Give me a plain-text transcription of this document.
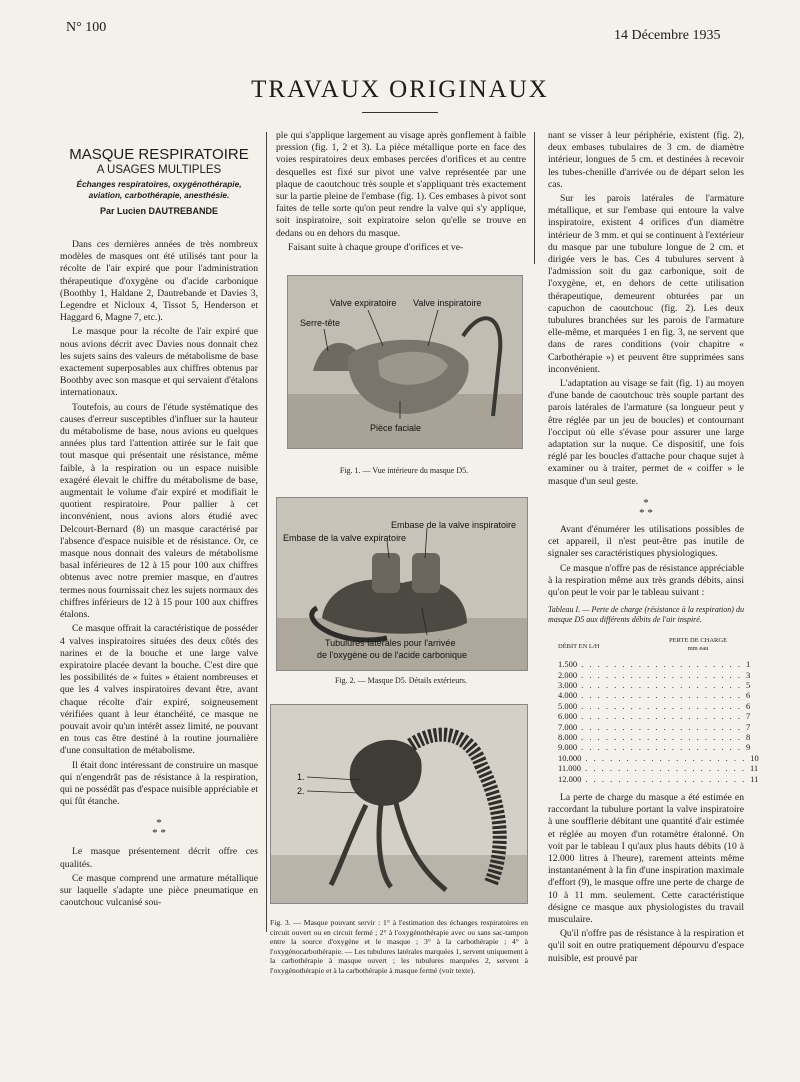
N° 100
14 Décembre 1935
TRAVAUX ORIGINAUX
MASQUE RESPIRATOIRE
A USAGES MULTIPLES
Échanges respiratoires, oxygénothérapie, aviation, carbothérapie, anesthésie.
Par Lucien DAUTREBANDE

Dans ces dernières années de très nombreux modèles de masques ont été utilisés tant pour la récolte de l'air expiré que pour l'administration thérapeutique d'oxygène ou d'acide carbonique (Boothby 1, Haldane 2, Dautrebande et Davies 3, Legendre et Nicloux 4, Tissot 5, Henderson et Haggard 6, Magne 7, etc.).

Le masque pour la récolte de l'air expiré que nous avions décrit avec Davies nous donnait chez les sujets sains des valeurs de métabolisme de base exactement superposables aux chiffres obtenus par Boothby avec son masque et qui servaient d'étalons internationaux.

Toutefois, au cours de l'étude systématique des causes d'erreur susceptibles d'influer sur la hauteur du métabolisme de base, nous avions eu quelques années plus tard l'attention attirée sur le fait que tout masque qui présentait une résistance, même faible, à la respiration ou un espace nuisible exagéré élevait le chiffre du métabolisme de base, augmentait le volume d'air expiré et modifiait le quotient respiratoire. Pour pallier à cet inconvénient, nous avions alors étudié avec Delcourt-Bernard (8) un masque caractérisé par l'absence d'espace nuisible et de résistance. Or, ce masque nous donnait des valeurs de métabolisme basal inférieures de 12 à 15 pour 100 aux chiffres obtenus avec notre premier masque, en d'autres termes nous fournissait chez les sujets normaux des chiffres inférieurs de 12 à 15 pour 100 aux chiffres étalons.

Ce masque offrait la caractéristique de posséder 4 valves inspiratoires situées des deux côtés des narines et de la bouche et une large valve expiratoire placée devant la bouche. C'est dire que les possibilités de « fuites » étaient nombreuses et que les 4 valves inspiratoires devant être, avant chaque récolte d'air expiré, soigneusement vérifiées quant à leur étanchéité, ce masque ne pouvait avoir qu'un intérêt assez limité, ne pouvant en tous cas être destiné à la routine journalière d'une consultation de métabolisme.

Il était donc intéressant de construire un masque qui n'engendrât pas de résistance à la respiration, qui ne possédât pas d'espace nuisible appréciable et qui fût étanche.

*
* *

Le masque présentement décrit offre ces qualités.

Ce masque comprend une armature métallique sur laquelle s'adapte une pièce pneumatique en caoutchouc vulcanisé sou-

ple qui s'applique largement au visage après gonflement à faible pression (fig. 1, 2 et 3). La pièce métallique porte en face des voies respiratoires deux embases percées d'orifices et au centre desquelles est fixé sur pivot une valve représentée par une plaque de caoutchouc très souple et s'appliquant très exactement sur la partie pleine de l'embase (fig. 1). Ces embases à pivot sont faites de telle sorte qu'on peut rendre la valve qui s'y applique, soit inspiratoire, soit expiratoire selon qu'elle se trouve en dedans ou en dehors du masque.

Faisant suite à chaque groupe d'orifices et ve-

Valve expiratoire Valve inspiratoire
Serre-tête
Pièce faciale
Fig. 1. — Vue intérieure du masque D5.
Embase de la valve inspiratoire
Embase de la valve expiratoire
Tubulures latérales pour l'arrivée
de l'oxygène ou de l'acide carbonique
Fig. 2. — Masque D5. Détails extérieurs.
1.
2.
Fig. 3. — Masque pouvant servir : 1° à l'estimation des échanges respiratoires en circuit ouvert ou en circuit fermé ; 2° à l'oxygénothérapie avec ou sans sac-tampon entre la source d'oxygène et le masque ; 3° à la carbothérapie ; 4° à l'oxygénocarbothérapie. — Les tubulures latérales marquées 1, servent uniquement à la carbothérapie à masque ouvert ; les tubulures marquées 2, servent à l'oxygénothérapie et à la carbothérapie à masque fermé (voir texte).

nant se visser à leur périphérie, existent (fig. 2), deux embases tubulaires de 3 cm. de diamètre intérieur, longues de 5 cm. et destinées à recevoir les tubes-chenille d'arrivée ou de départ selon les cas.

Sur les parois latérales de l'armature métallique, et sur l'embase qui entoure la valve inspiratoire, existent 4 orifices d'un diamètre intérieur de 3 mm. et qui se continuent à l'extérieur du masque par une tubulure longue de 2 cm. et dirigée vers le bas. Ces 4 tubulures servent à l'admission soit du gaz carbonique, soit de l'oxygène, et, en dehors de cette utilisation thérapeutique, demeurent obturées par un capuchon de caoutchouc (fig. 2). Les deux tubulures branchées sur les parois de l'armature elle-même, et marquées 1 en fig. 3, ne servent que dans de rares conditions (voir chapitre « Carbothérapie ») et peuvent être supprimées sans inconvénient.

L'adaptation au visage se fait (fig. 1) au moyen d'une bande de caoutchouc très souple partant des parois latérales de l'armature (sa longueur peut y être réglée par un jeu de boucles) et contournant l'occiput où elle s'évase pour assurer une large adaptation sur la nuque. Ce dispositif, une fois réglé par les boucles d'attache pour chaque sujet à examiner ou à traiter, permet de « coiffer » le masque d'un seul geste.

*
* *

Avant d'énumérer les utilisations possibles de cet appareil, il n'est peut-être pas inutile de signaler ses caractéristiques physiologiques.

Ce masque n'offre pas de résistance appréciable à la respiration même aux très grands débits, ainsi qu'on peut le voir par le tableau suivant :

Tableau I. — Perte de charge (résistance à la respiration) du masque D5 aux différents débits de l'air inspiré.
DÉBIT EN L/H	PERTE DE CHARGE
mm eau
1.500 . . . . . . . . . . . . . . . . . . . . 1
2.000 . . . . . . . . . . . . . . . . . . . . 3
3.000 . . . . . . . . . . . . . . . . . . . . 5
4.000 . . . . . . . . . . . . . . . . . . . . 6
5.000 . . . . . . . . . . . . . . . . . . . . 6
6.000 . . . . . . . . . . . . . . . . . . . . 7
7.000 . . . . . . . . . . . . . . . . . . . . 7
8.000 . . . . . . . . . . . . . . . . . . . . 8
9.000 . . . . . . . . . . . . . . . . . . . . 9
10.000 . . . . . . . . . . . . . . . . . . . . 10
11.000 . . . . . . . . . . . . . . . . . . . . 11
12.000 . . . . . . . . . . . . . . . . . . . . 11

La perte de charge du masque a été estimée en raccordant la tubulure portant la valve inspiratoire à une soufflerie débitant une quantité d'air estimée et réglée au moyen d'un rotamètre étalonné. On voit par le tableau I qu'aux plus hauts débits (10 à 12.000 litres à l'heure), rarement atteints même instantanément à la fin d'une inspiration maximale d'effort (9), le masque offre une perte de charge de 10 à 11 mm. seulement. Cette caractéristique désigne ce masque aux physiologistes du travail musculaire.

Qu'il n'offre pas de résistance à la respiration et qu'il soit en outre pratiquement dépourvu d'espace nuisible, est prouvé par
